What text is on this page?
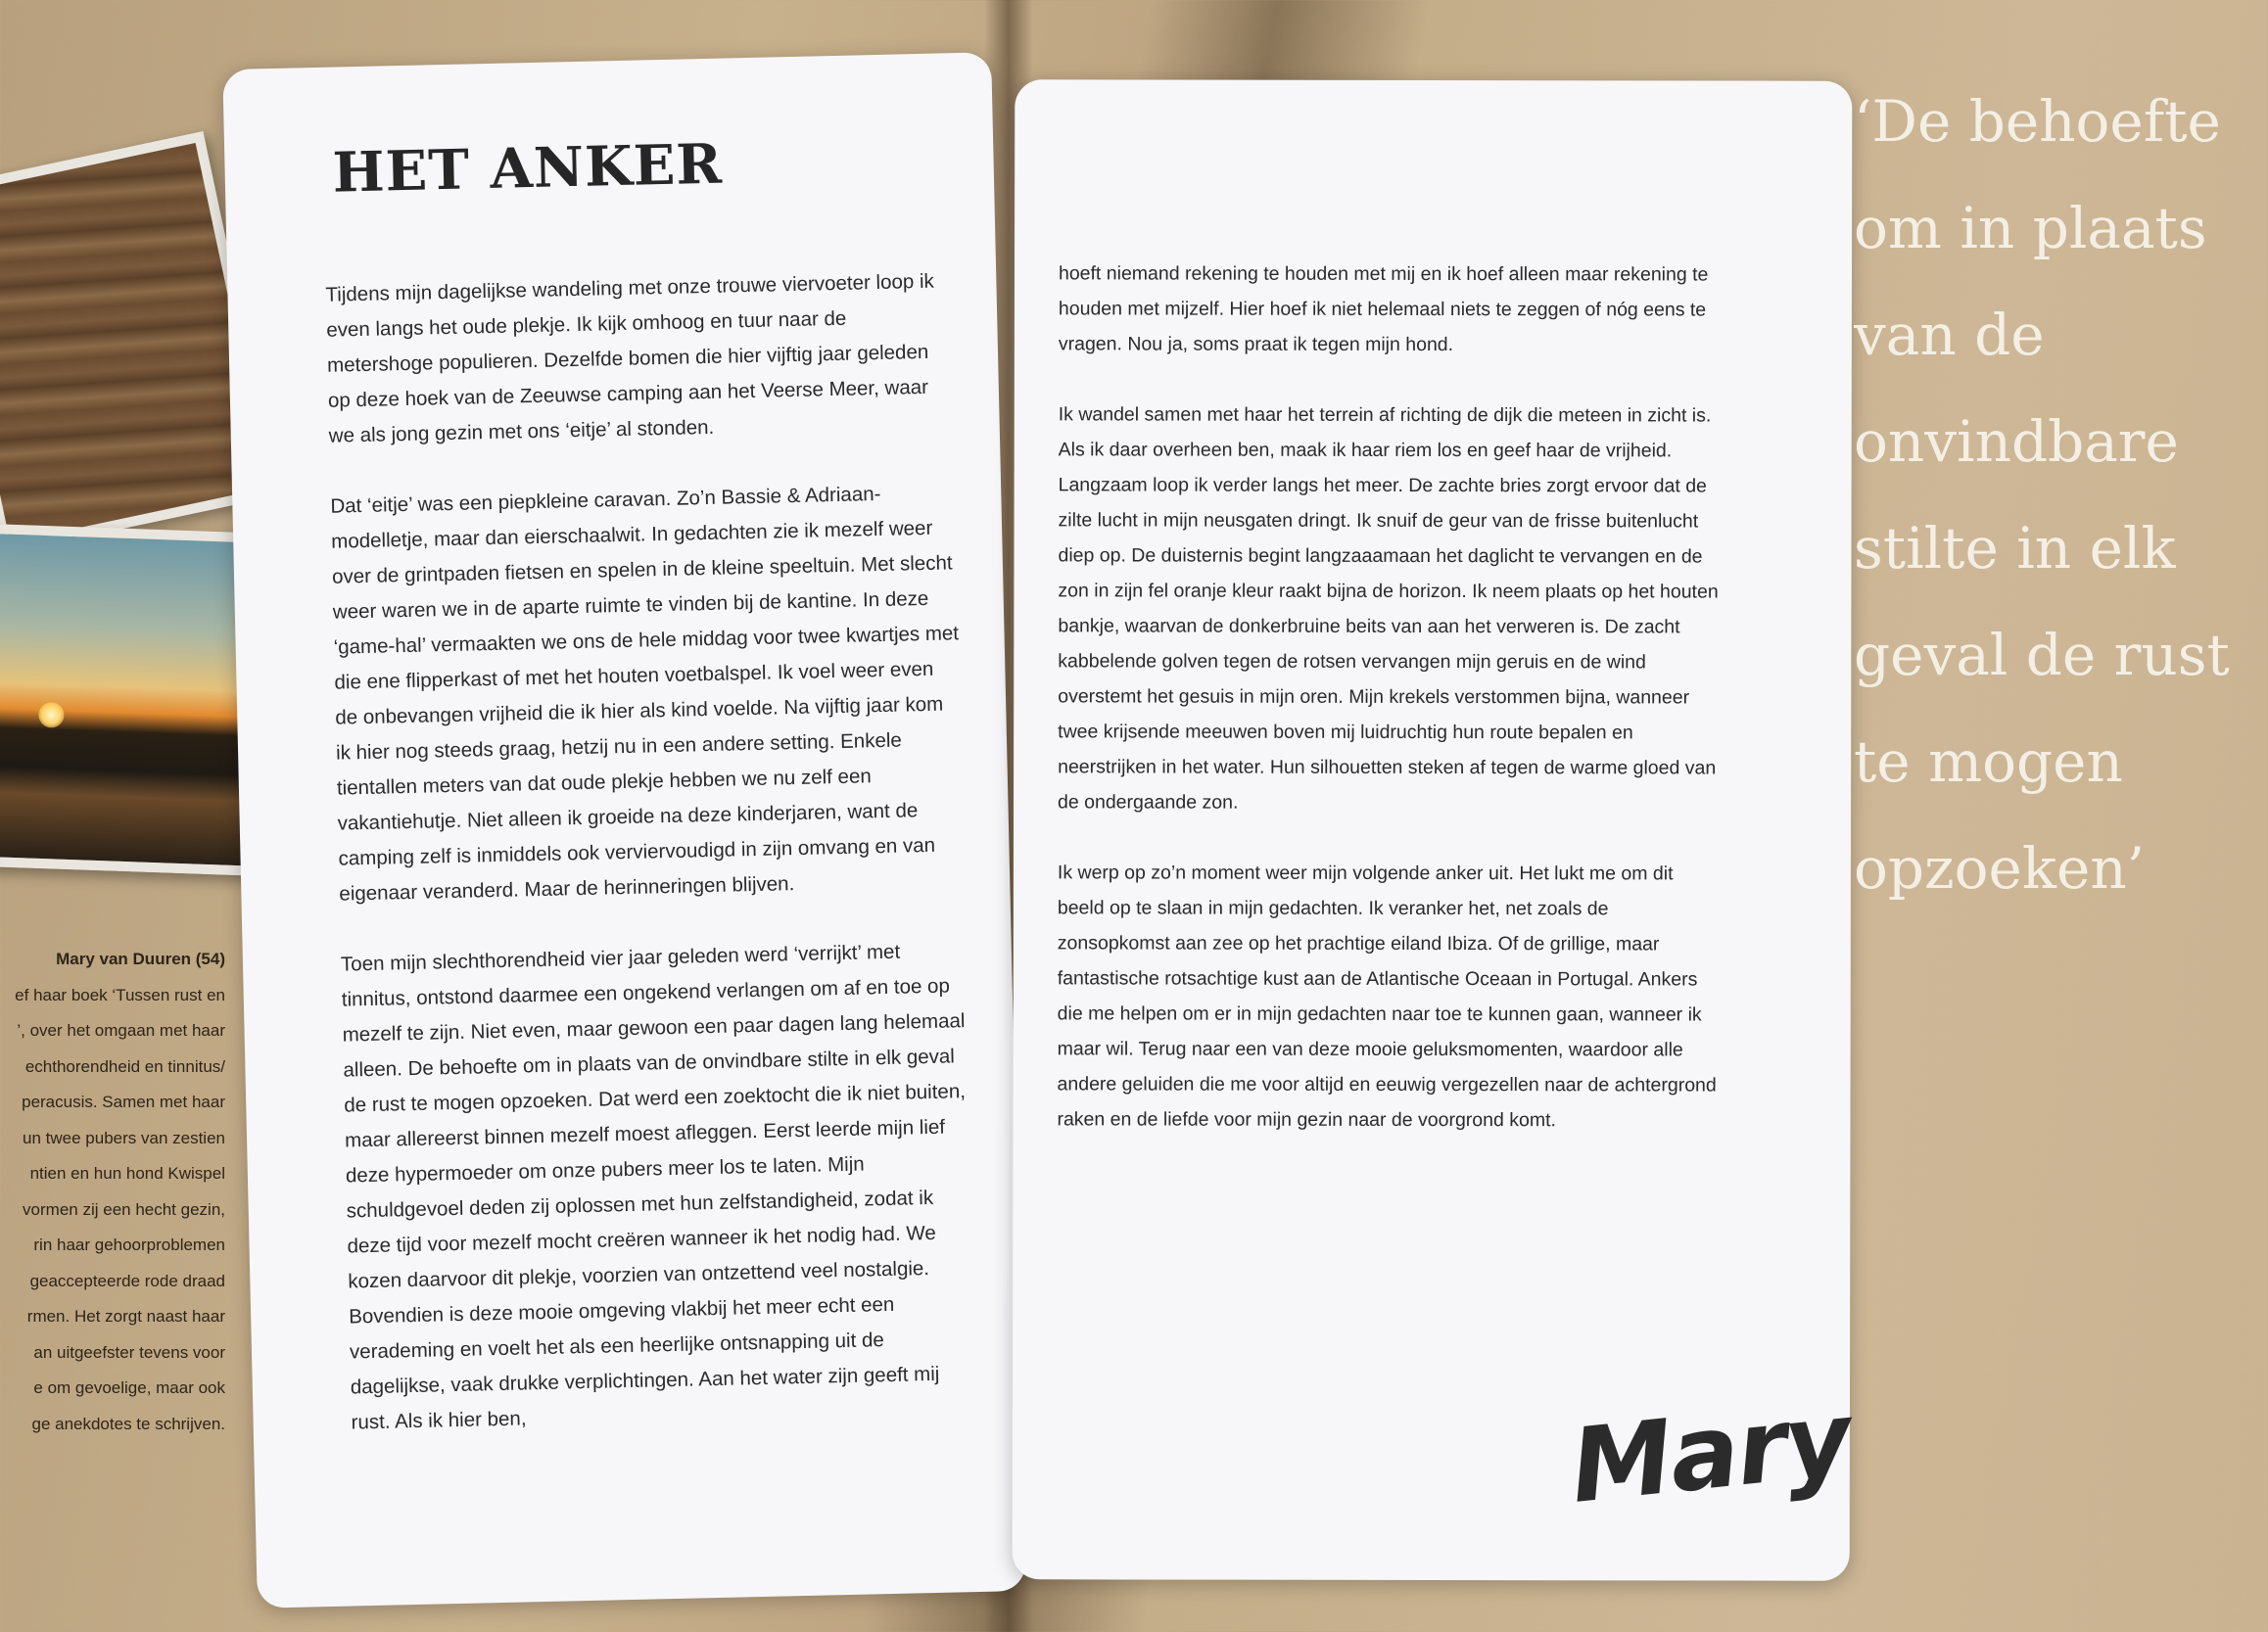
Mary van Duuren (54)
ef haar boek ‘Tussen rust en
’, over het omgaan met haar
echthorendheid en tinnitus/
peracusis. Samen met haar
un twee pubers van zestien
ntien en hun hond Kwispel
vormen zij een hecht gezin,
rin haar gehoorproblemen
geaccepteerde rode draad
rmen. Het zorgt naast haar
an uitgeefster tevens voor
e om gevoelige, maar ook
ge anekdotes te schrijven.
HET ANKER

Tijdens mijn dagelijkse wandeling met onze trouwe viervoeter loop ik even langs het oude plekje. Ik kijk omhoog en tuur naar de metershoge populieren. Dezelfde bomen die hier vijftig jaar geleden op deze hoek van de Zeeuwse camping aan het Veerse Meer, waar we als jong gezin met ons ‘eitje’ al stonden.

Dat ‘eitje’ was een piepkleine caravan. Zo’n Bassie & Adriaan-modelletje, maar dan eierschaalwit. In gedachten zie ik mezelf weer over de grintpaden fietsen en spelen in de kleine speeltuin. Met slecht weer waren we in de aparte ruimte te vinden bij de kantine. In deze ‘game-hal’ vermaakten we ons de hele middag voor twee kwartjes met die ene flipperkast of met het houten voetbalspel. Ik voel weer even de onbevangen vrijheid die ik hier als kind voelde. Na vijftig jaar kom ik hier nog steeds graag, hetzij nu in een andere setting. Enkele tientallen meters van dat oude plekje hebben we nu zelf een vakantiehutje. Niet alleen ik groeide na deze kinderjaren, want de camping zelf is inmiddels ook verviervoudigd in zijn omvang en van eigenaar veranderd. Maar de herinneringen blijven.

Toen mijn slechthorendheid vier jaar geleden werd ‘verrijkt’ met tinnitus, ontstond daarmee een ongekend verlangen om af en toe op mezelf te zijn. Niet even, maar gewoon een paar dagen lang helemaal alleen. De behoefte om in plaats van de onvindbare stilte in elk geval de rust te mogen opzoeken. Dat werd een zoektocht die ik niet buiten, maar allereerst binnen mezelf moest afleggen. Eerst leerde mijn lief deze hypermoeder om onze pubers meer los te laten. Mijn schuldgevoel deden zij oplossen met hun zelfstandigheid, zodat ik deze tijd voor mezelf mocht creëren wanneer ik het nodig had. We kozen daarvoor dit plekje, voorzien van ontzettend veel nostalgie. Bovendien is deze mooie omgeving vlakbij het meer echt een verademing en voelt het als een heerlijke ontsnapping uit de dagelijkse, vaak drukke verplichtingen. Aan het water zijn geeft mij rust. Als ik hier ben,

hoeft niemand rekening te houden met mij en ik hoef alleen maar rekening te houden met mijzelf. Hier hoef ik niet helemaal niets te zeggen of nóg eens te vragen. Nou ja, soms praat ik tegen mijn hond.

Ik wandel samen met haar het terrein af richting de dijk die meteen in zicht is. Als ik daar overheen ben, maak ik haar riem los en geef haar de vrijheid. Langzaam loop ik verder langs het meer. De zachte bries zorgt ervoor dat de zilte lucht in mijn neusgaten dringt. Ik snuif de geur van de frisse buitenlucht diep op. De duisternis begint langzaaamaan het daglicht te vervangen en de zon in zijn fel oranje kleur raakt bijna de horizon. Ik neem plaats op het houten bankje, waarvan de donkerbruine beits van aan het verweren is. De zacht kabbelende golven tegen de rotsen vervangen mijn geruis en de wind overstemt het gesuis in mijn oren. Mijn krekels verstommen bijna, wanneer twee krijsende meeuwen boven mij luidruchtig hun route bepalen en neerstrijken in het water. Hun silhouetten steken af tegen de warme gloed van de ondergaande zon.

Ik werp op zo’n moment weer mijn volgende anker uit. Het lukt me om dit beeld op te slaan in mijn gedachten. Ik veranker het, net zoals de zonsopkomst aan zee op het prachtige eiland Ibiza. Of de grillige, maar fantastische rotsachtige kust aan de Atlantische Oceaan in Portugal. Ankers die me helpen om er in mijn gedachten naar toe te kunnen gaan, wanneer ik maar wil. Terug naar een van deze mooie geluksmomenten, waardoor alle andere geluiden die me voor altijd en eeuwig vergezellen naar de achtergrond raken en de liefde voor mijn gezin naar de voorgrond komt.

Mary
‘De behoefte
om in plaats
van de
onvindbare
stilte in elk
geval de rust
te mogen
opzoeken’
